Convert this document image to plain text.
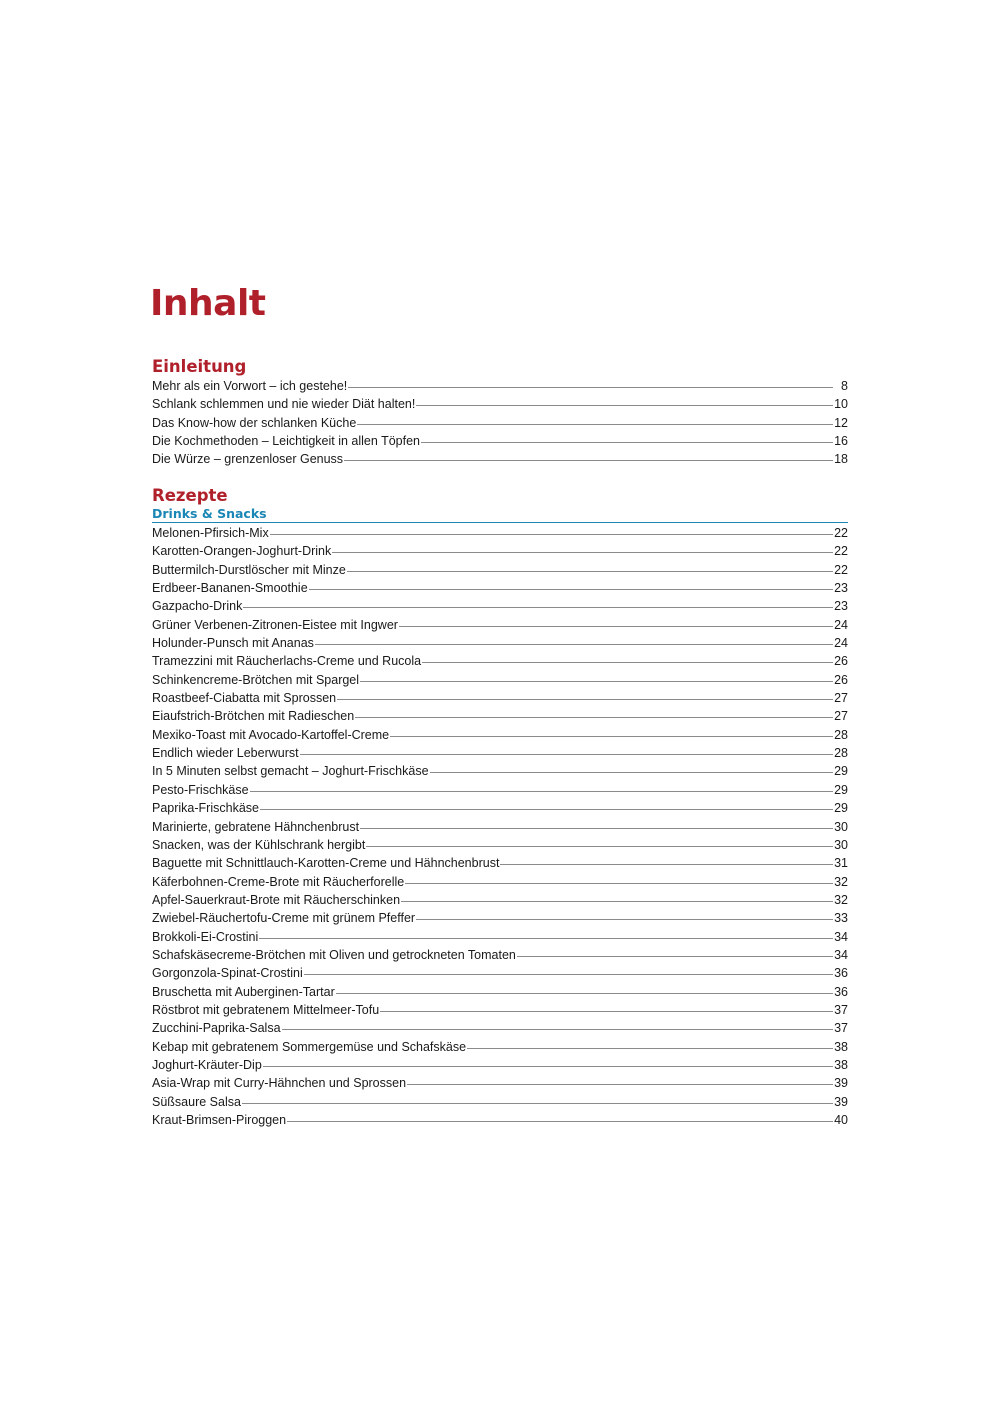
Inhalt
Einleitung
Mehr als ein Vorwort – ich gestehe!	8
Schlank schlemmen und nie wieder Diät halten!	10
Das Know-how der schlanken Küche	12
Die Kochmethoden – Leichtigkeit in allen Töpfen	16
Die Würze – grenzenloser Genuss	18
Rezepte
Drinks & Snacks
Melonen-Pfirsich-Mix	22
Karotten-Orangen-Joghurt-Drink	22
Buttermilch-Durstlöscher mit Minze	22
Erdbeer-Bananen-Smoothie	23
Gazpacho-Drink	23
Grüner Verbenen-Zitronen-Eistee mit Ingwer	24
Holunder-Punsch mit Ananas	24
Tramezzini mit Räucherlachs-Creme und Rucola	26
Schinkencreme-Brötchen mit Spargel	26
Roastbeef-Ciabatta mit Sprossen	27
Eiaufstrich-Brötchen mit Radieschen	27
Mexiko-Toast mit Avocado-Kartoffel-Creme	28
Endlich wieder Leberwurst	28
In 5 Minuten selbst gemacht – Joghurt-Frischkäse	29
Pesto-Frischkäse	29
Paprika-Frischkäse	29
Marinierte, gebratene Hähnchenbrust	30
Snacken, was der Kühlschrank hergibt	30
Baguette mit Schnittlauch-Karotten-Creme und Hähnchenbrust	31
Käferbohnen-Creme-Brote mit Räucherforelle	32
Apfel-Sauerkraut-Brote mit Räucherschinken	32
Zwiebel-Räuchertofu-Creme mit grünem Pfeffer	33
Brokkoli-Ei-Crostini	34
Schafskäsecreme-Brötchen mit Oliven und getrockneten Tomaten	34
Gorgonzola-Spinat-Crostini	36
Bruschetta mit Auberginen-Tartar	36
Röstbrot mit gebratenem Mittelmeer-Tofu	37
Zucchini-Paprika-Salsa	37
Kebap mit gebratenem Sommergemüse und Schafskäse	38
Joghurt-Kräuter-Dip	38
Asia-Wrap mit Curry-Hähnchen und Sprossen	39
Süßsaure Salsa	39
Kraut-Brimsen-Piroggen	40
